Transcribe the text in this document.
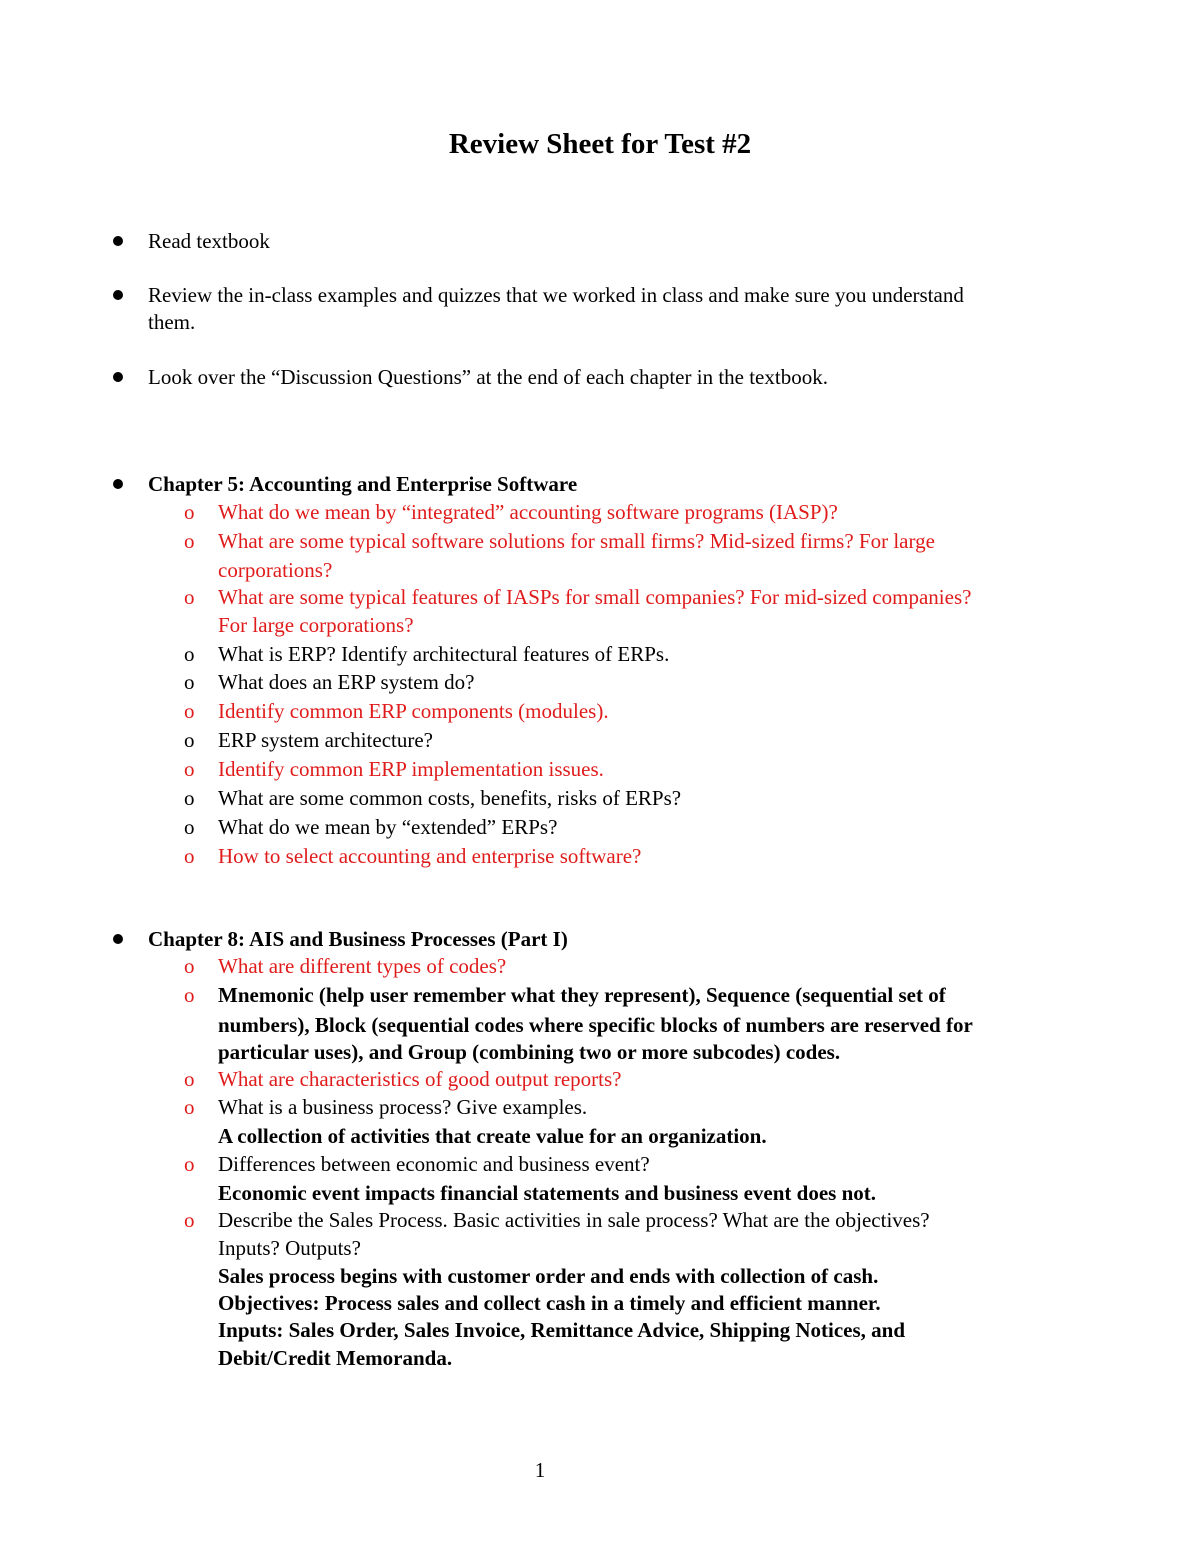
Review Sheet for Test #2
Read textbook
Review the in-class examples and quizzes that we worked in class and make sure you understand
them.
Look over the “Discussion Questions” at the end of each chapter in the textbook.
Chapter 5: Accounting and Enterprise Software
o What do we mean by “integrated” accounting software programs (IASP)?
o What are some typical software solutions for small firms? Mid-sized firms? For large
corporations?
o What are some typical features of IASPs for small companies? For mid-sized companies?
For large corporations?
o What is ERP? Identify architectural features of ERPs.
o What does an ERP system do?
o Identify common ERP components (modules).
o ERP system architecture?
o Identify common ERP implementation issues.
o What are some common costs, benefits, risks of ERPs?
o What do we mean by “extended” ERPs?
o How to select accounting and enterprise software?
Chapter 8: AIS and Business Processes (Part I)
o What are different types of codes?
o Mnemonic (help user remember what they represent), Sequence (sequential set of
numbers), Block (sequential codes where specific blocks of numbers are reserved for
particular uses), and Group (combining two or more subcodes) codes.
o What are characteristics of good output reports?
o What is a business process? Give examples.
A collection of activities that create value for an organization.
o Differences between economic and business event?
Economic event impacts financial statements and business event does not.
o Describe the Sales Process. Basic activities in sale process? What are the objectives?
Inputs? Outputs?
Sales process begins with customer order and ends with collection of cash.
Objectives: Process sales and collect cash in a timely and efficient manner.
Inputs: Sales Order, Sales Invoice, Remittance Advice, Shipping Notices, and
Debit/Credit Memoranda.
1
